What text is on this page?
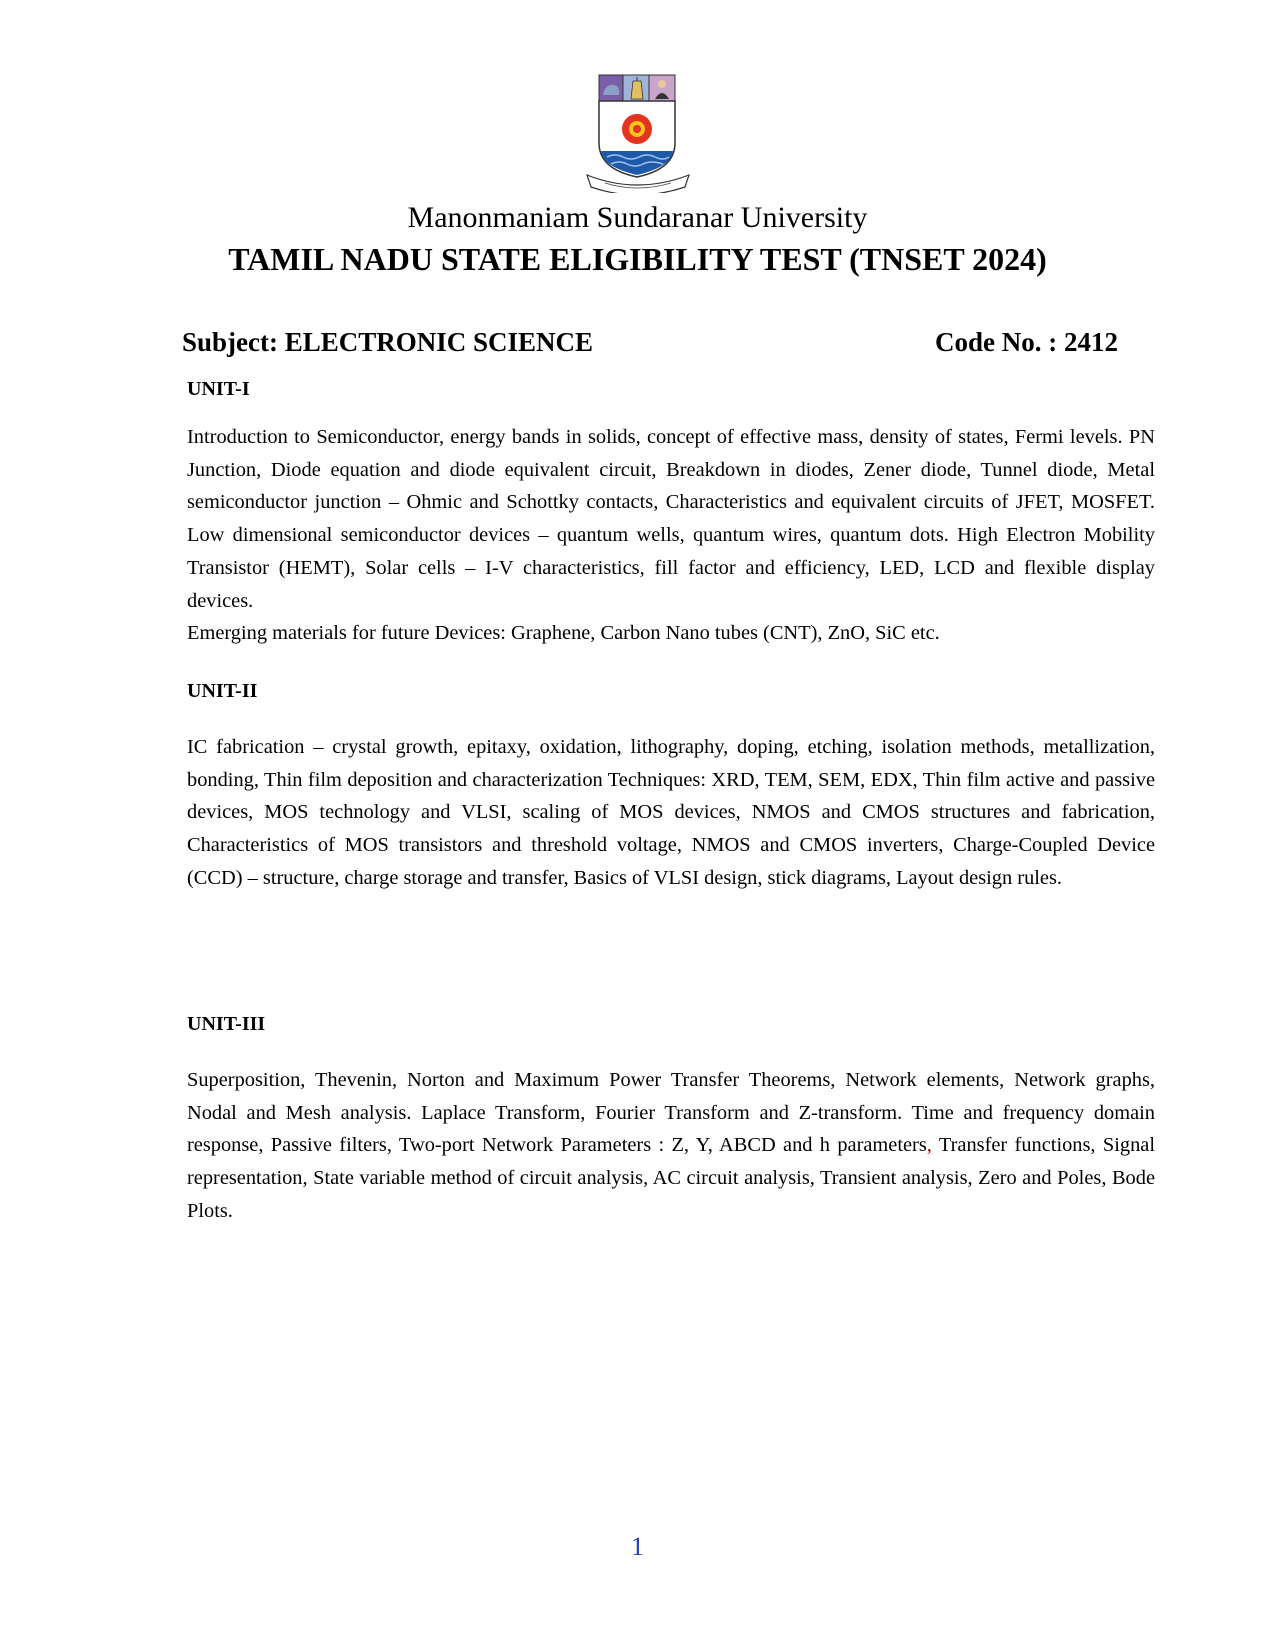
Manonmaniam Sundaranar University
TAMIL NADU STATE ELIGIBILITY TEST (TNSET 2024)
Subject: ELECTRONIC SCIENCE	Code No. : 2412
UNIT-I

Introduction to Semiconductor, energy bands in solids, concept of effective mass, density of states, Fermi levels. PN Junction, Diode equation and diode equivalent circuit, Breakdown in diodes, Zener diode, Tunnel diode, Metal semiconductor junction – Ohmic and Schottky contacts, Characteristics and equivalent circuits of JFET, MOSFET. Low dimensional semiconductor devices – quantum wells, quantum wires, quantum dots. High Electron Mobility Transistor (HEMT), Solar cells – I-V characteristics, fill factor and efficiency, LED, LCD and flexible display devices.

Emerging materials for future Devices: Graphene, Carbon Nano tubes (CNT), ZnO, SiC etc.

UNIT-II

IC fabrication – crystal growth, epitaxy, oxidation, lithography, doping, etching, isolation methods, metallization, bonding, Thin film deposition and characterization Techniques: XRD, TEM, SEM, EDX, Thin film active and passive devices, MOS technology and VLSI, scaling of MOS devices, NMOS and CMOS structures and fabrication, Characteristics of MOS transistors and threshold voltage, NMOS and CMOS inverters, Charge-Coupled Device (CCD) – structure, charge storage and transfer, Basics of VLSI design, stick diagrams, Layout design rules.

UNIT-III

Superposition, Thevenin, Norton and Maximum Power Transfer Theorems, Network elements, Network graphs, Nodal and Mesh analysis. Laplace Transform, Fourier Transform and Z-transform. Time and frequency domain response, Passive filters, Two-port Network Parameters : Z, Y, ABCD and h parameters, Transfer functions, Signal representation, State variable method of circuit analysis, AC circuit analysis, Transient analysis, Zero and Poles, Bode Plots.

1
